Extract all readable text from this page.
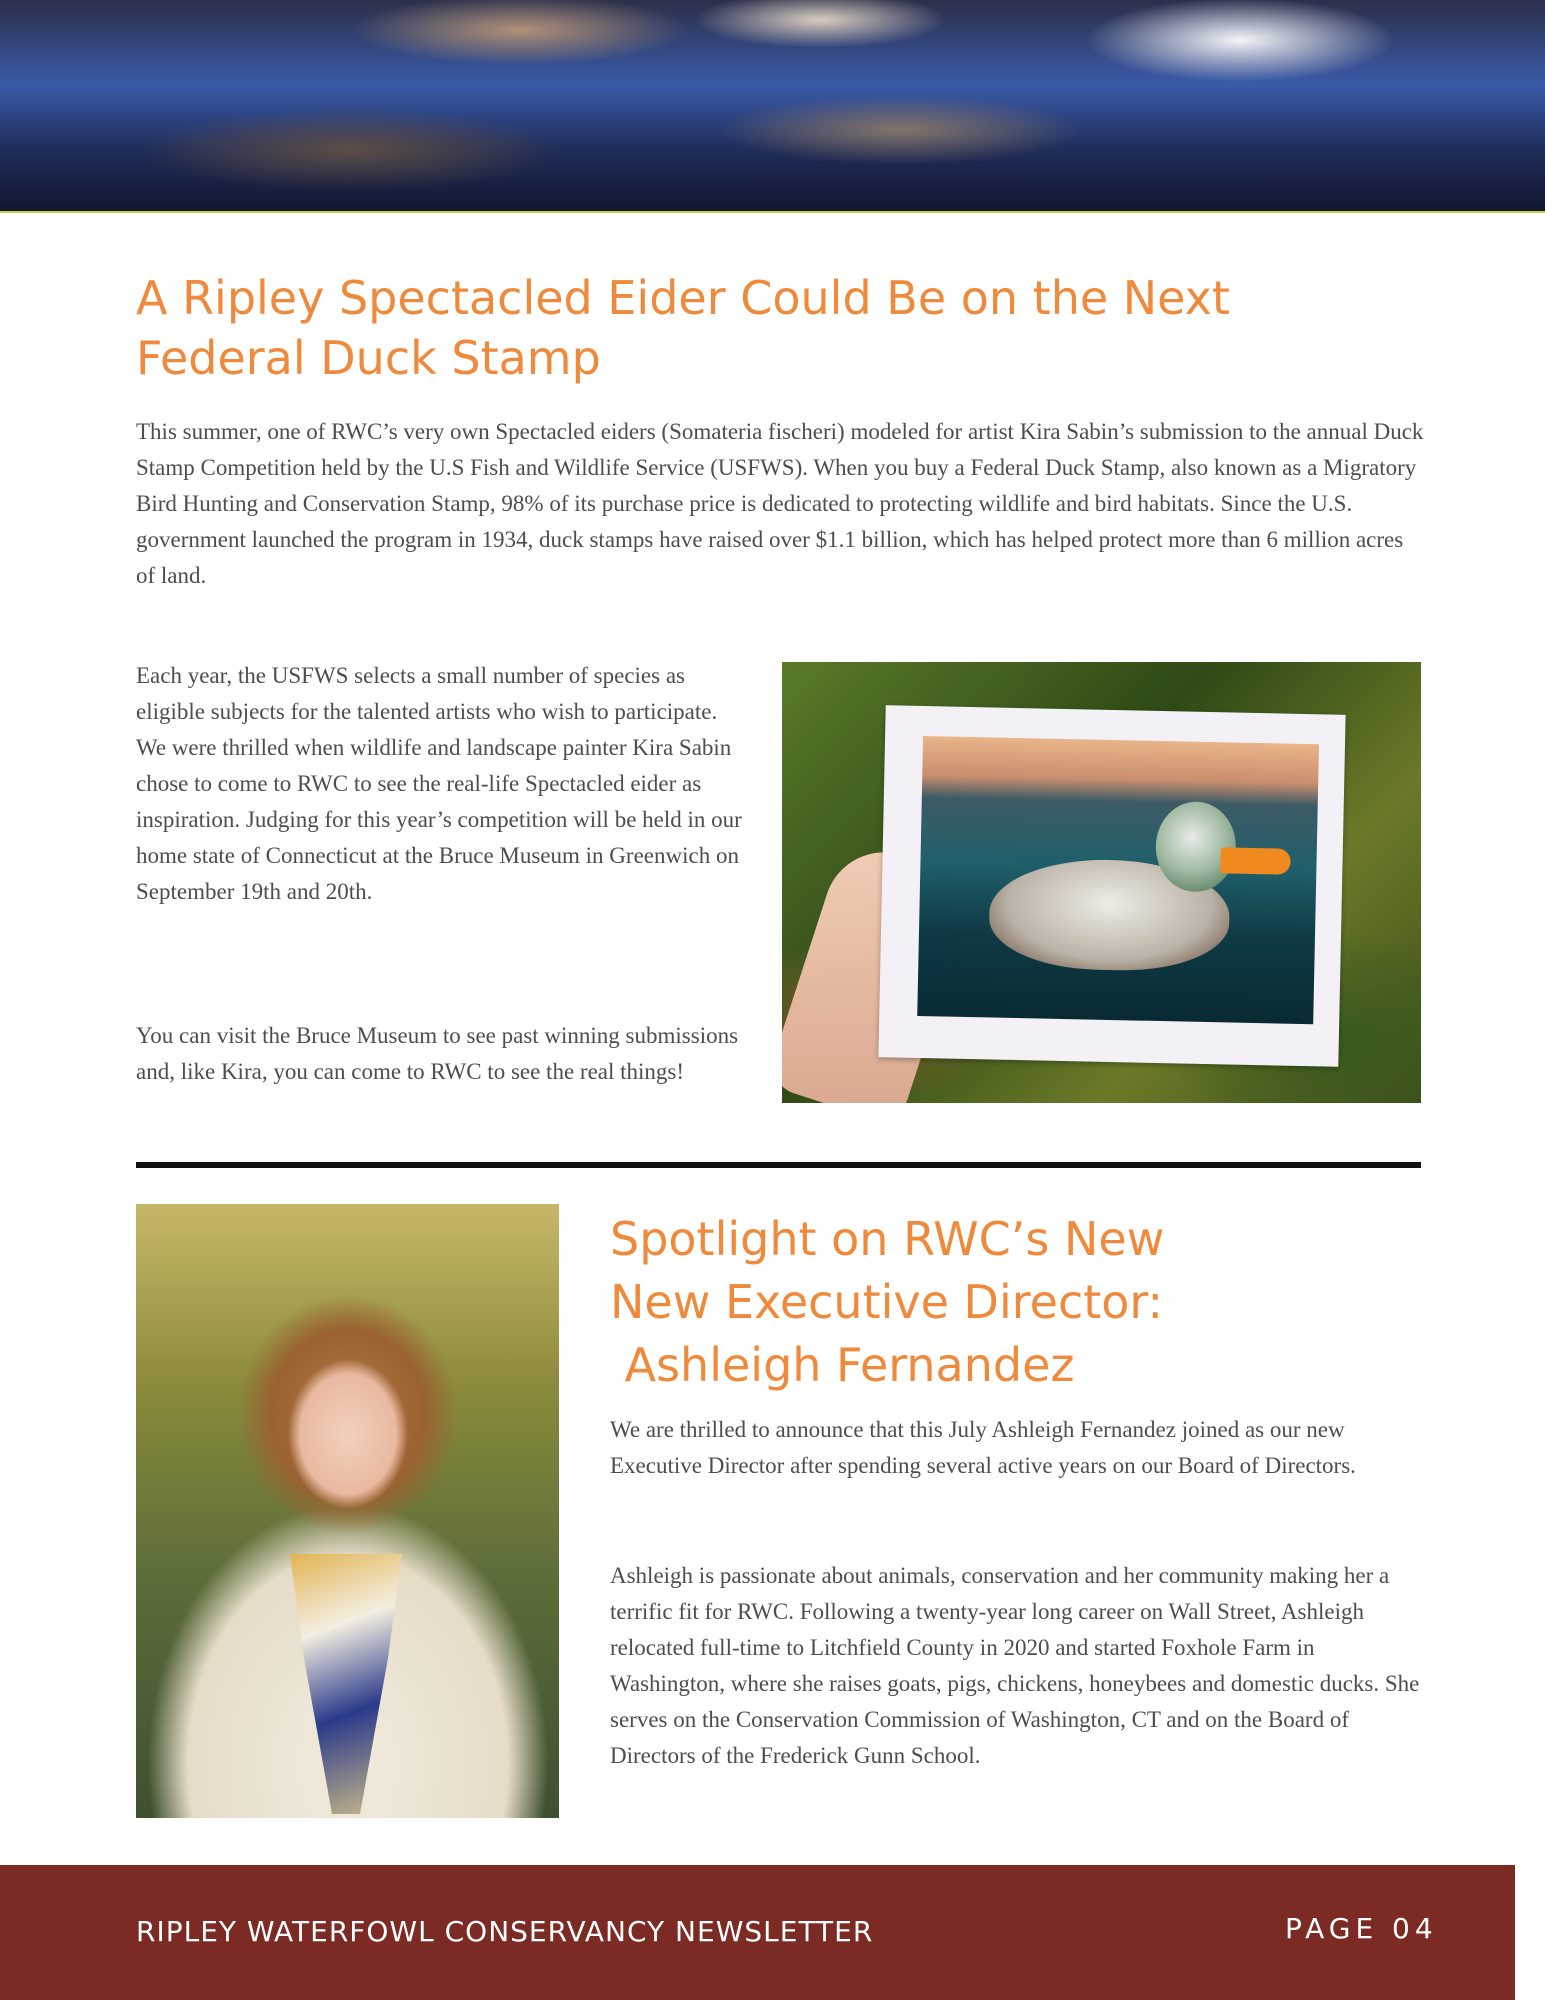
A Ripley Spectacled Eider Could Be on the Next Federal Duck Stamp

This summer, one of RWC’s very own Spectacled eiders (Somateria fischeri) modeled for artist Kira Sabin’s submission to the annual Duck Stamp Competition held by the U.S Fish and Wildlife Service (USFWS). When you buy a Federal Duck Stamp, also known as a Migratory Bird Hunting and Conservation Stamp, 98% of its purchase price is dedicated to protecting wildlife and bird habitats. Since the U.S. government launched the program in 1934, duck stamps have raised over $1.1 billion, which has helped protect more than 6 million acres of land.

Each year, the USFWS selects a small number of species as eligible subjects for the talented artists who wish to participate. We were thrilled when wildlife and landscape painter Kira Sabin chose to come to RWC to see the real-life Spectacled eider as inspiration. Judging for this year’s competition will be held in our home state of Connecticut at the Bruce Museum in Greenwich on September 19th and 20th.

You can visit the Bruce Museum to see past winning submissions and, like Kira, you can come to RWC to see the real things!

Spotlight on RWC’s New
New Executive Director:
Ashleigh Fernandez

We are thrilled to announce that this July Ashleigh Fernandez joined as our new Executive Director after spending several active years on our Board of Directors.

Ashleigh is passionate about animals, conservation and her community making her a terrific fit for RWC. Following a twenty-year long career on Wall Street, Ashleigh relocated full-time to Litchfield County in 2020 and started Foxhole Farm in Washington, where she raises goats, pigs, chickens, honeybees and domestic ducks. She serves on the Conservation Commission of Washington, CT and on the Board of Directors of the Frederick Gunn School.

RIPLEY WATERFOWL CONSERVANCY NEWSLETTER	PAGE 04
